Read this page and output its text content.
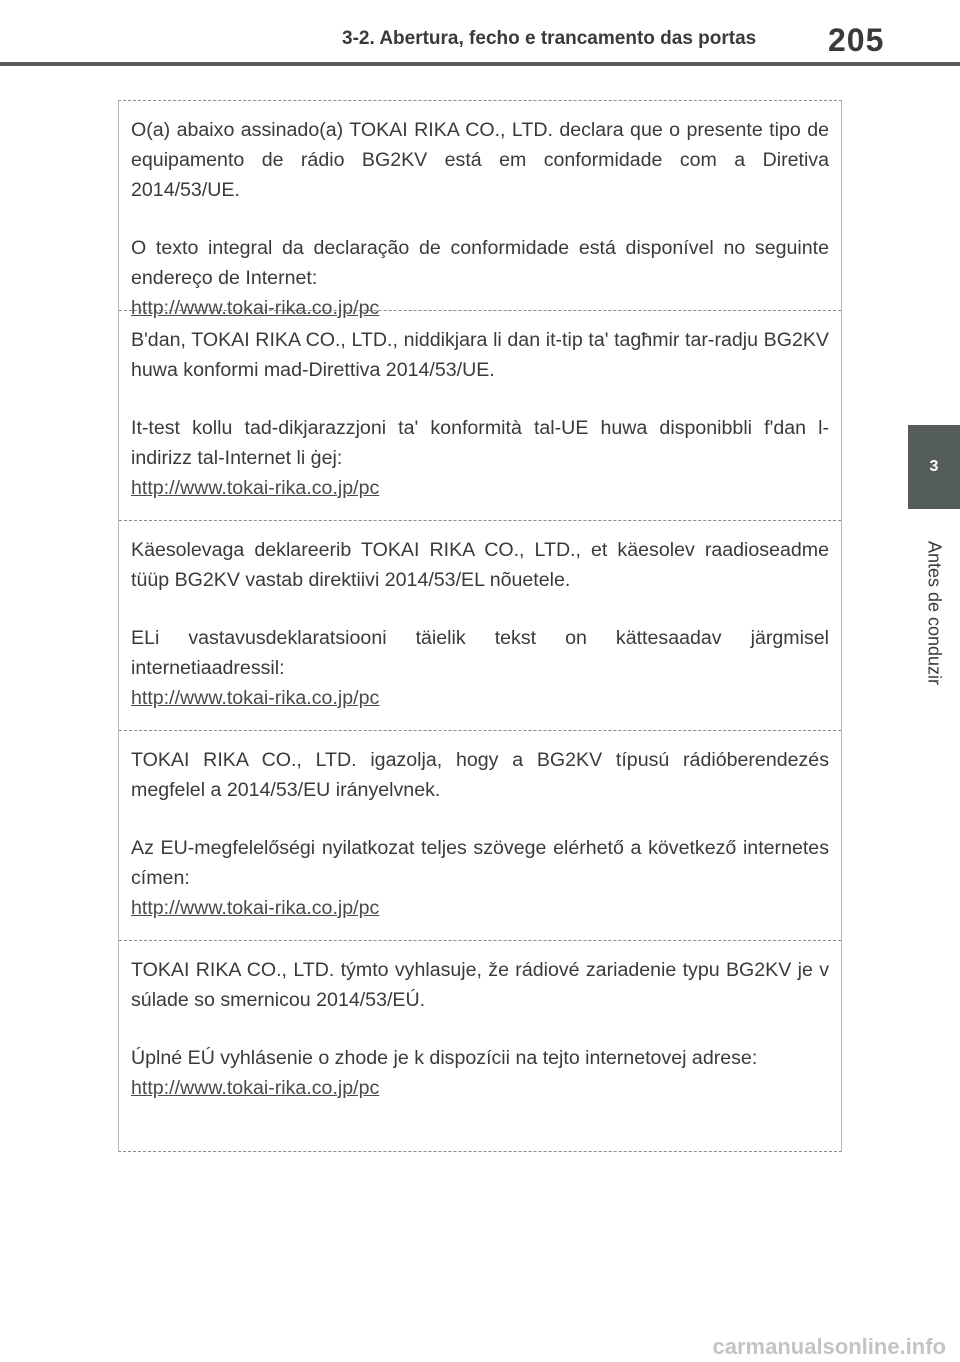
3-2. Abertura, fecho e trancamento das portas 205
3
Antes de conduzir

O(a) abaixo assinado(a) TOKAI RIKA CO., LTD. declara que o presente tipo de equipamento de rádio BG2KV está em conformidade com a Diretiva 2014/53/UE.

O texto integral da declaração de conformidade está disponível no seguinte endereço de Internet:

http://www.tokai-rika.co.jp/pc

B'dan, TOKAI RIKA CO., LTD., niddikjara li dan it-tip ta' tagħmir tar-radju BG2KV huwa konformi mad-Direttiva 2014/53/UE.

It-test kollu tad-dikjarazzjoni ta' konformità tal-UE huwa disponibbli f'dan l-indirizz tal-Internet li ġej:

http://www.tokai-rika.co.jp/pc

Käesolevaga deklareerib TOKAI RIKA CO., LTD., et käesolev raadioseadme tüüp BG2KV vastab direktiivi 2014/53/EL nõuetele.

ELi vastavusdeklaratsiooni täielik tekst on kättesaadav järgmisel internetiaadressil:

http://www.tokai-rika.co.jp/pc

TOKAI RIKA CO., LTD. igazolja, hogy a BG2KV típusú rádióberendezés megfelel a 2014/53/EU irányelvnek.

Az EU-megfelelőségi nyilatkozat teljes szövege elérhető a következő internetes címen:

http://www.tokai-rika.co.jp/pc

TOKAI RIKA CO., LTD. týmto vyhlasuje, že rádiové zariadenie typu BG2KV je v súlade so smernicou 2014/53/EÚ.

Úplné EÚ vyhlásenie o zhode je k dispozícii na tejto internetovej adrese:

http://www.tokai-rika.co.jp/pc
carmanualsonline.info
